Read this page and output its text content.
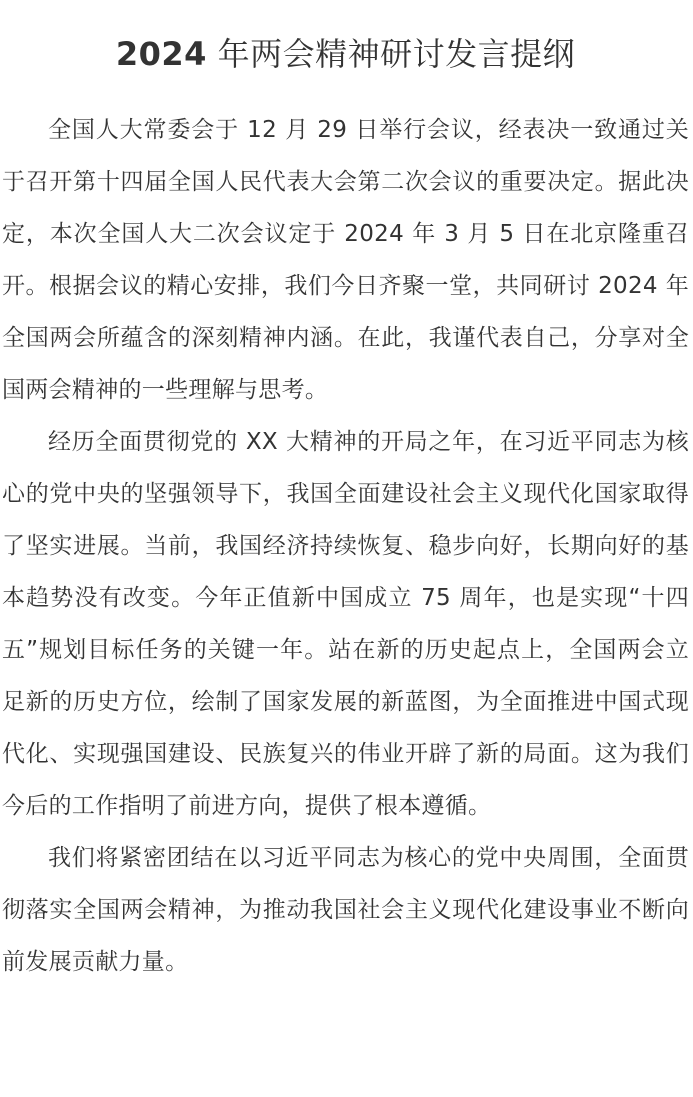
2024 年两会精神研讨发言提纲

全国人大常委会于 12 月 29 日举行会议，经表决一致通过关于召开第十四届全国人民代表大会第二次会议的重要决定。据此决定，本次全国人大二次会议定于 2024 年 3 月 5 日在北京隆重召开。根据会议的精心安排，我们今日齐聚一堂，共同研讨 2024 年全国两会所蕴含的深刻精神内涵。在此，我谨代表自己，分享对全国两会精神的一些理解与思考。

经历全面贯彻党的 XX 大精神的开局之年，在习近平同志为核心的党中央的坚强领导下，我国全面建设社会主义现代化国家取得了坚实进展。当前，我国经济持续恢复、稳步向好，长期向好的基本趋势没有改变。今年正值新中国成立 75 周年，也是实现“十四五”规划目标任务的关键一年。站在新的历史起点上，全国两会立足新的历史方位，绘制了国家发展的新蓝图，为全面推进中国式现代化、实现强国建设、民族复兴的伟业开辟了新的局面。这为我们今后的工作指明了前进方向，提供了根本遵循。

我们将紧密团结在以习近平同志为核心的党中央周围，全面贯彻落实全国两会精神，为推动我国社会主义现代化建设事业不断向前发展贡献力量。
